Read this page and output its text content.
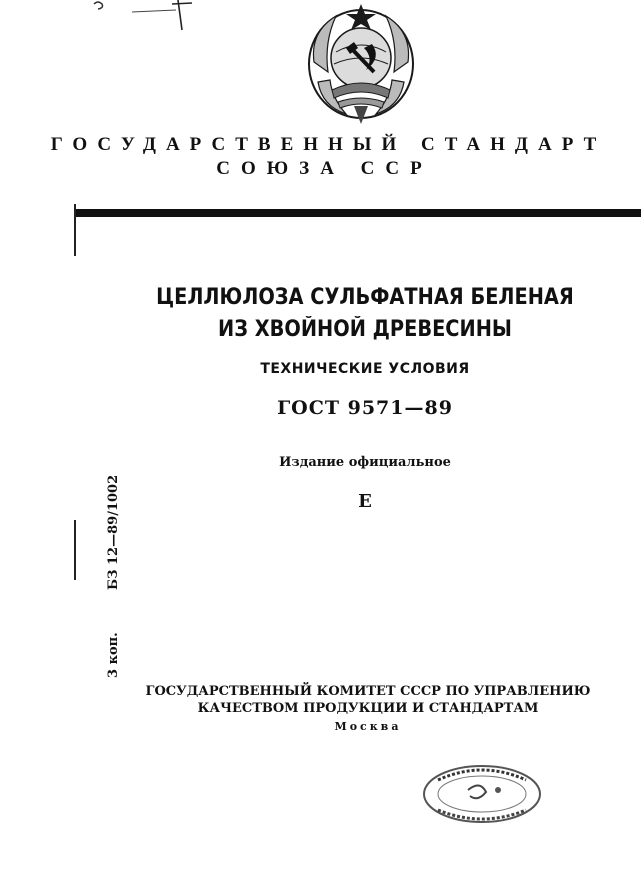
ГОСУДАРСТВЕННЫЙ СТАНДАРТ
СОЮЗА ССР
ЦЕЛЛЮЛОЗА СУЛЬФАТНАЯ БЕЛЕНАЯ
ИЗ ХВОЙНОЙ ДРЕВЕСИНЫ
ТЕХНИЧЕСКИЕ УСЛОВИЯ
ГОСТ 9571—89
Издание официальное
Е
БЗ 12—89/1002
3 коп.
ГОСУДАРСТВЕННЫЙ КОМИТЕТ СССР ПО УПРАВЛЕНИЮ
КАЧЕСТВОМ ПРОДУКЦИИ И СТАНДАРТАМ
Москва
